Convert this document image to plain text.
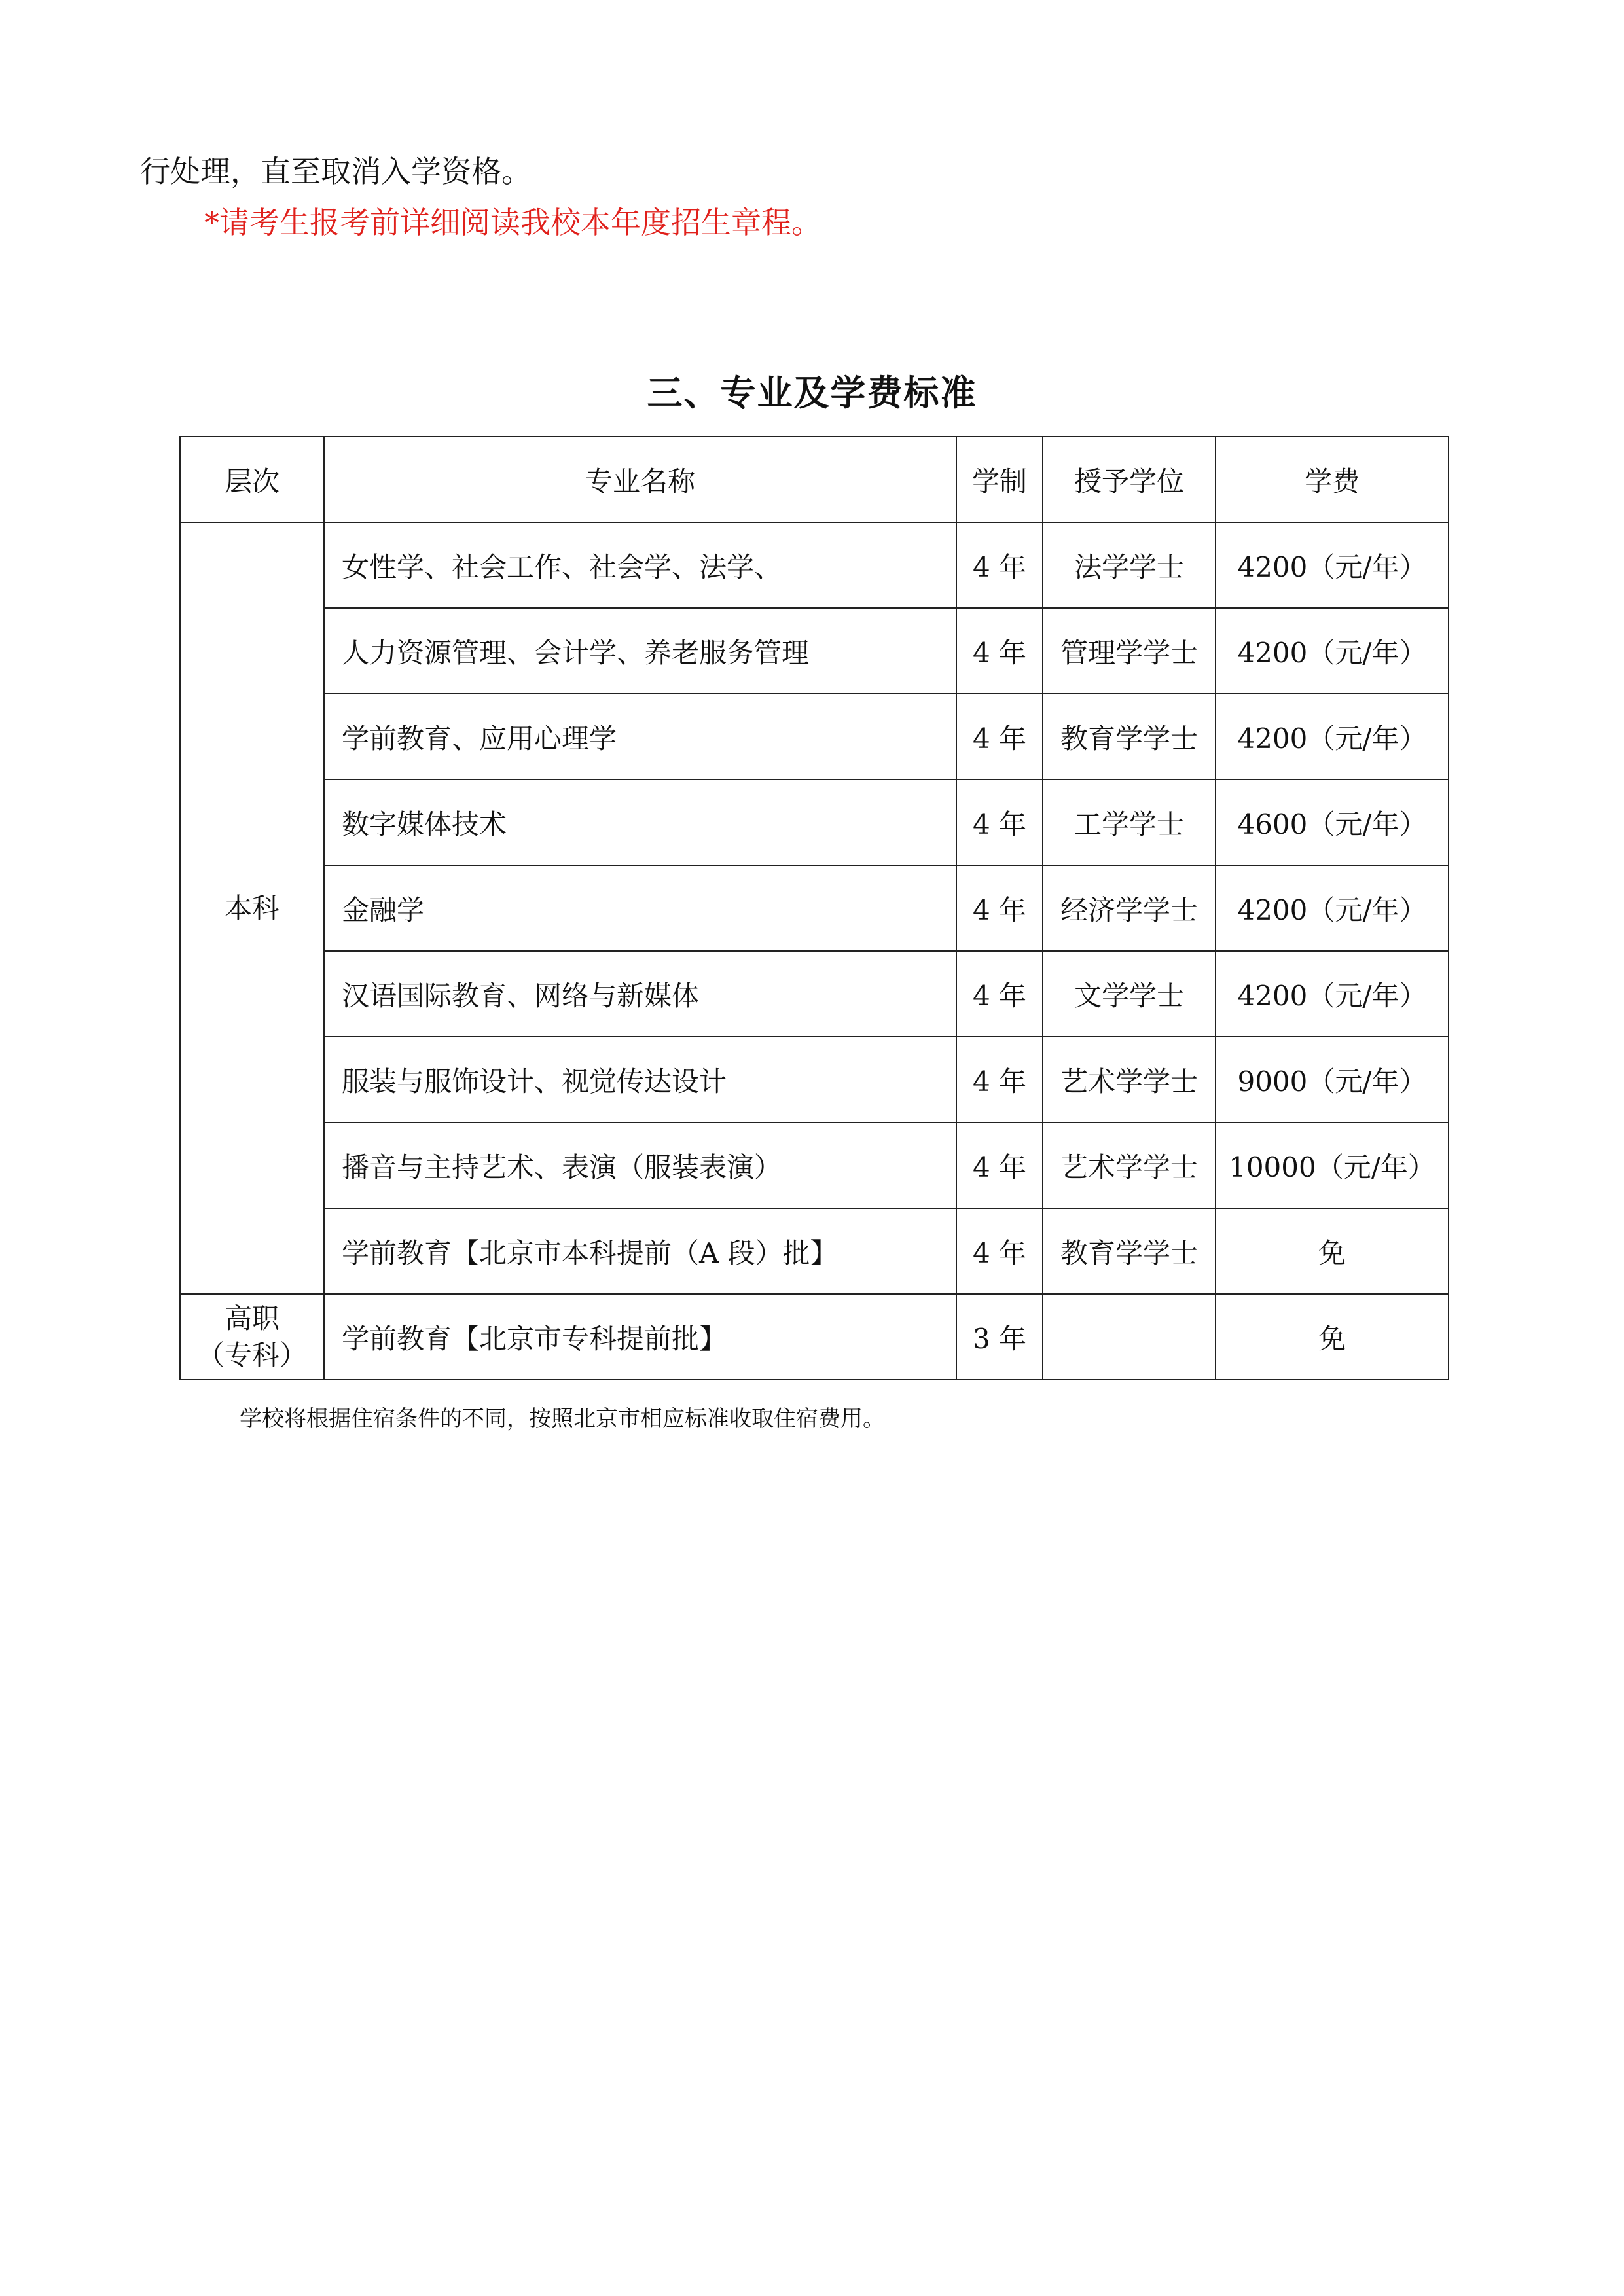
行处理，直至取消入学资格。
*请考生报考前详细阅读我校本年度招生章程。
三、专业及学费标准
层次	专业名称	学制	授予学位	学费
本科	女性学、社会工作、社会学、法学、	4 年	法学学士	4200（元/年）
	人力资源管理、会计学、养老服务管理	4 年	管理学学士	4200（元/年）
	学前教育、应用心理学	4 年	教育学学士	4200（元/年）
	数字媒体技术	4 年	工学学士	4600（元/年）
	金融学	4 年	经济学学士	4200（元/年）
	汉语国际教育、网络与新媒体	4 年	文学学士	4200（元/年）
	服装与服饰设计、视觉传达设计	4 年	艺术学学士	9000（元/年）
	播音与主持艺术、表演（服装表演）	4 年	艺术学学士	10000（元/年）
	学前教育【北京市本科提前（A 段）批】	4 年	教育学学士	免

高职
（专科）	学前教育【北京市专科提前批】	3 年		免
学校将根据住宿条件的不同，按照北京市相应标准收取住宿费用。
